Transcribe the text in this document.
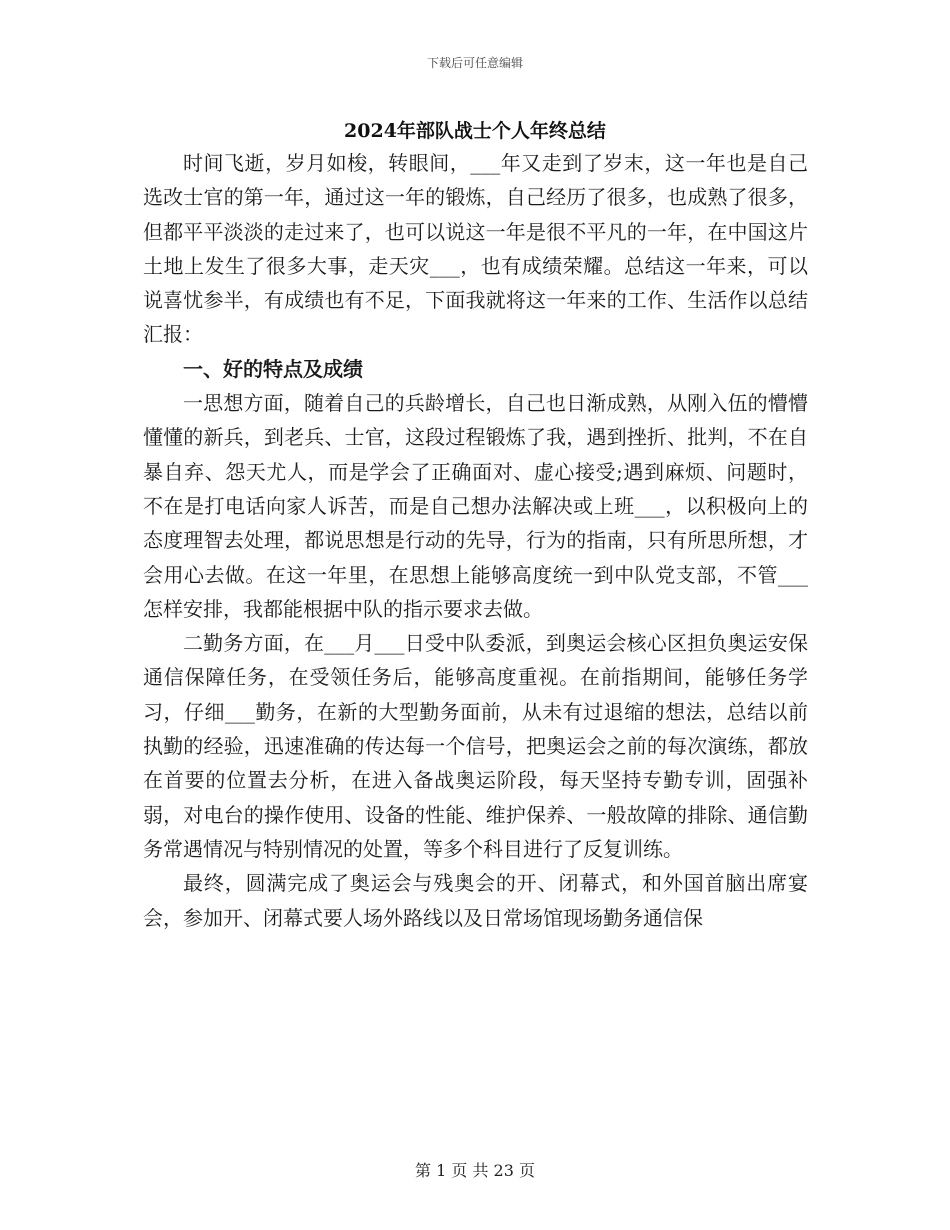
下载后可任意编辑
2024年部队战士个人年终总结

时间飞逝，岁月如梭，转眼间，___年又走到了岁末，这一年也是自己选改士官的第一年，通过这一年的锻炼，自己经历了很多，也成熟了很多，但都平平淡淡的走过来了，也可以说这一年是很不平凡的一年，在中国这片土地上发生了很多大事，走天灾___，也有成绩荣耀。总结这一年来，可以说喜忧参半，有成绩也有不足，下面我就将这一年来的工作、生活作以总结汇报：

一、好的特点及成绩

一思想方面，随着自己的兵龄增长，自己也日渐成熟，从刚入伍的懵懵懂懂的新兵，到老兵、士官，这段过程锻炼了我，遇到挫折、批判，不在自暴自弃、怨天尤人，而是学会了正确面对、虚心接受;遇到麻烦、问题时，不在是打电话向家人诉苦，而是自己想办法解决或上班___，以积极向上的态度理智去处理，都说思想是行动的先导，行为的指南，只有所思所想，才会用心去做。在这一年里，在思想上能够高度统一到中队党支部，不管___怎样安排，我都能根据中队的指示要求去做。

二勤务方面，在___月___日受中队委派，到奥运会核心区担负奥运安保通信保障任务，在受领任务后，能够高度重视。在前指期间，能够任务学习，仔细___勤务，在新的大型勤务面前，从未有过退缩的想法，总结以前执勤的经验，迅速准确的传达每一个信号，把奥运会之前的每次演练，都放在首要的位置去分析，在进入备战奥运阶段，每天坚持专勤专训，固强补弱，对电台的操作使用、设备的性能、维护保养、一般故障的排除、通信勤务常遇情况与特别情况的处置，等多个科目进行了反复训练。

最终，圆满完成了奥运会与残奥会的开、闭幕式，和外国首脑出席宴会，参加开、闭幕式要人场外路线以及日常场馆现场勤务通信保

第 1 页 共 23 页
